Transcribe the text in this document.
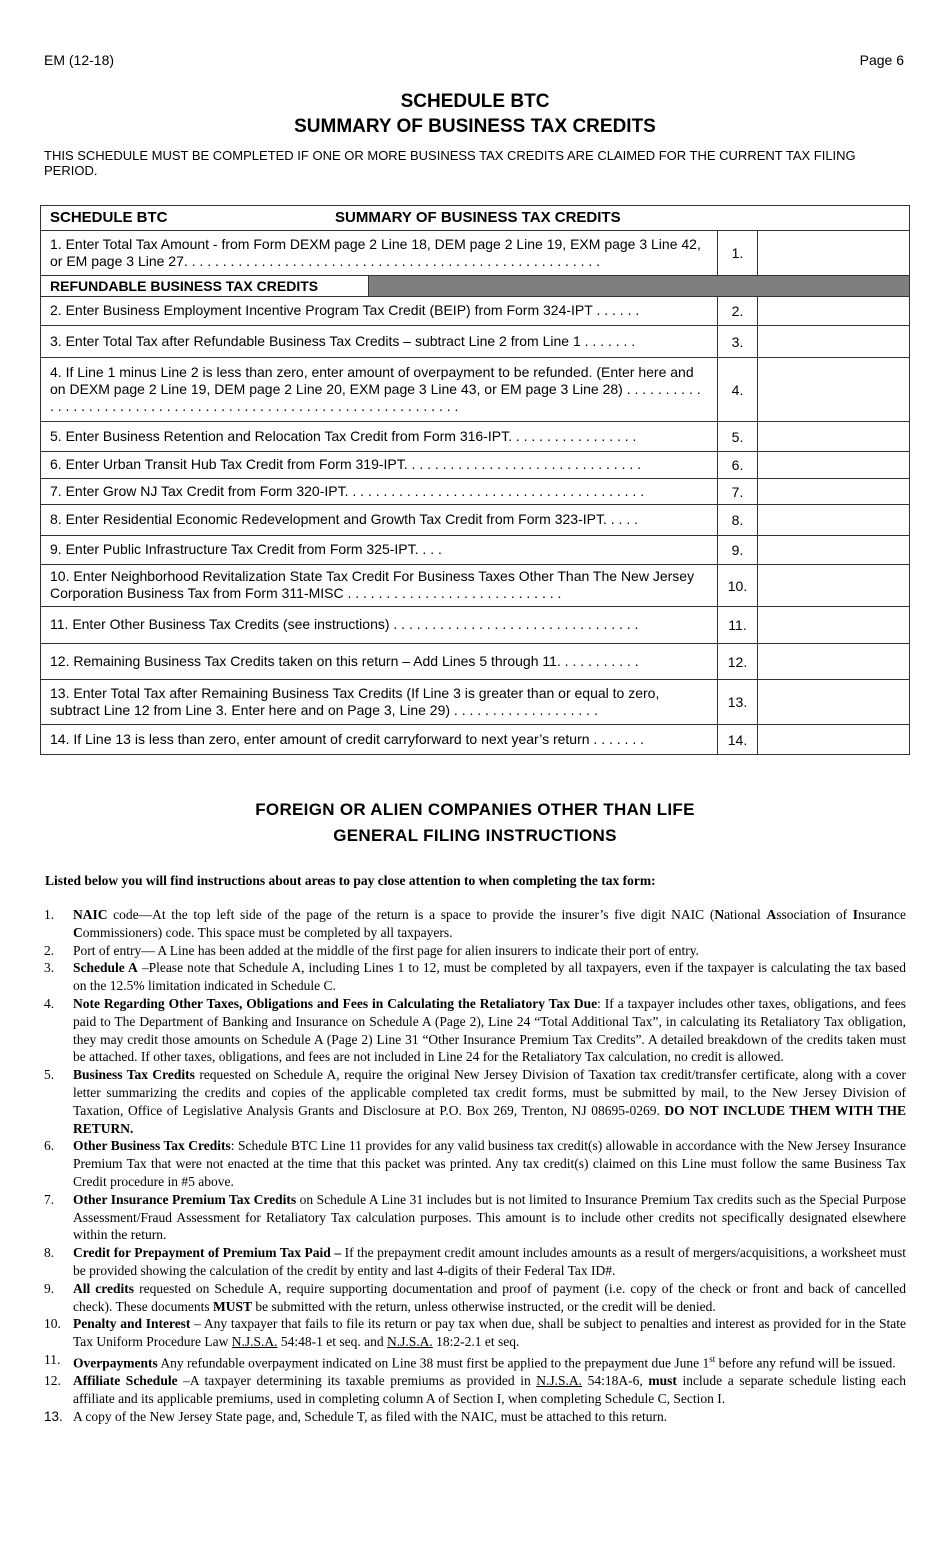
EM (12-18)	Page 6
SCHEDULE BTC
SUMMARY OF BUSINESS TAX CREDITS
THIS SCHEDULE MUST BE COMPLETED IF ONE OR MORE BUSINESS TAX CREDITS ARE CLAIMED FOR THE CURRENT TAX FILING PERIOD.
SCHEDULE BTC SUMMARY OF BUSINESS TAX CREDITS		
1. Enter Total Tax Amount - from Form DEXM page 2 Line 18, DEM page 2 Line 19, EXM page 3 Line 42, or EM page 3 Line 27. . . . . . . . . . . . . . . . . . . . . . . . . . . . . . . . . . . . . . . . . . . . . . . . . . . . . .	1.	

REFUNDABLE BUSINESS TAX CREDITS		

2. Enter Business Employment Incentive Program Tax Credit (BEIP) from Form 324-IPT . . . . . .	2.	
3. Enter Total Tax after Refundable Business Tax Credits – subtract Line 2 from Line 1 . . . . . . .	3.	
4. If Line 1 minus Line 2 is less than zero, enter amount of overpayment to be refunded. (Enter here and on DEXM page 2 Line 19, DEM page 2 Line 20, EXM page 3 Line 43, or EM page 3 Line 28) . . . . . . . . . . . . . . . . . . . . . . . . . . . . . . . . . . . . . . . . . . . . . . . . . . . . . . . . . . . . . . .	4.	
5. Enter Business Retention and Relocation Tax Credit from Form 316-IPT. . . . . . . . . . . . . . . . .	5.	
6. Enter Urban Transit Hub Tax Credit from Form 319-IPT. . . . . . . . . . . . . . . . . . . . . . . . . . . . . . .	6.	
7. Enter Grow NJ Tax Credit from Form 320-IPT. . . . . . . . . . . . . . . . . . . . . . . . . . . . . . . . . . . . . . .	7.	
8. Enter Residential Economic Redevelopment and Growth Tax Credit from Form 323-IPT. . . . .	8.	
9. Enter Public Infrastructure Tax Credit from Form 325-IPT. . . .	9.	
10. Enter Neighborhood Revitalization State Tax Credit For Business Taxes Other Than The New Jersey Corporation Business Tax from Form 311-MISC . . . . . . . . . . . . . . . . . . . . . . . . . . . .	10.	
11. Enter Other Business Tax Credits (see instructions) . . . . . . . . . . . . . . . . . . . . . . . . . . . . . . . .	11.	
12. Remaining Business Tax Credits taken on this return – Add Lines 5 through 11. . . . . . . . . . .	12.	
13. Enter Total Tax after Remaining Business Tax Credits (If Line 3 is greater than or equal to zero, subtract Line 12 from Line 3. Enter here and on Page 3, Line 29) . . . . . . . . . . . . . . . . . . .	13.	
14. If Line 13 is less than zero, enter amount of credit carryforward to next year’s return . . . . . . .	14.	
FOREIGN OR ALIEN COMPANIES OTHER THAN LIFE
GENERAL FILING INSTRUCTIONS
Listed below you will find instructions about areas to pay close attention to when completing the tax form:
1. NAIC code—At the top left side of the page of the return is a space to provide the insurer’s five digit NAIC (National Association of Insurance Commissioners) code. This space must be completed by all taxpayers.
2. Port of entry— A Line has been added at the middle of the first page for alien insurers to indicate their port of entry.
3. Schedule A –Please note that Schedule A, including Lines 1 to 12, must be completed by all taxpayers, even if the taxpayer is calculating the tax based on the 12.5% limitation indicated in Schedule C.
4. Note Regarding Other Taxes, Obligations and Fees in Calculating the Retaliatory Tax Due: If a taxpayer includes other taxes, obligations, and fees paid to The Department of Banking and Insurance on Schedule A (Page 2), Line 24 “Total Additional Tax”, in calculating its Retaliatory Tax obligation, they may credit those amounts on Schedule A (Page 2) Line 31 “Other Insurance Premium Tax Credits”. A detailed breakdown of the credits taken must be attached. If other taxes, obligations, and fees are not included in Line 24 for the Retaliatory Tax calculation, no credit is allowed.
5. Business Tax Credits requested on Schedule A, require the original New Jersey Division of Taxation tax credit/transfer certificate, along with a cover letter summarizing the credits and copies of the applicable completed tax credit forms, must be submitted by mail, to the New Jersey Division of Taxation, Office of Legislative Analysis Grants and Disclosure at P.O. Box 269, Trenton, NJ 08695-0269. DO NOT INCLUDE THEM WITH THE RETURN.
6. Other Business Tax Credits: Schedule BTC Line 11 provides for any valid business tax credit(s) allowable in accordance with the New Jersey Insurance Premium Tax that were not enacted at the time that this packet was printed. Any tax credit(s) claimed on this Line must follow the same Business Tax Credit procedure in #5 above.
7. Other Insurance Premium Tax Credits on Schedule A Line 31 includes but is not limited to Insurance Premium Tax credits such as the Special Purpose Assessment/Fraud Assessment for Retaliatory Tax calculation purposes. This amount is to include other credits not specifically designated elsewhere within the return.
8. Credit for Prepayment of Premium Tax Paid – If the prepayment credit amount includes amounts as a result of mergers/acquisitions, a worksheet must be provided showing the calculation of the credit by entity and last 4-digits of their Federal Tax ID#.
9. All credits requested on Schedule A, require supporting documentation and proof of payment (i.e. copy of the check or front and back of cancelled check). These documents MUST be submitted with the return, unless otherwise instructed, or the credit will be denied.
10. Penalty and Interest – Any taxpayer that fails to file its return or pay tax when due, shall be subject to penalties and interest as provided for in the State Tax Uniform Procedure Law N.J.S.A. 54:48-1 et seq. and N.J.S.A. 18:2-2.1 et seq.
11. Overpayments Any refundable overpayment indicated on Line 38 must first be applied to the prepayment due June 1st before any refund will be issued.
12. Affiliate Schedule –A taxpayer determining its taxable premiums as provided in N.J.S.A. 54:18A-6, must include a separate schedule listing each affiliate and its applicable premiums, used in completing column A of Section I, when completing Schedule C, Section I.
13. A copy of the New Jersey State page, and, Schedule T, as filed with the NAIC, must be attached to this return.
